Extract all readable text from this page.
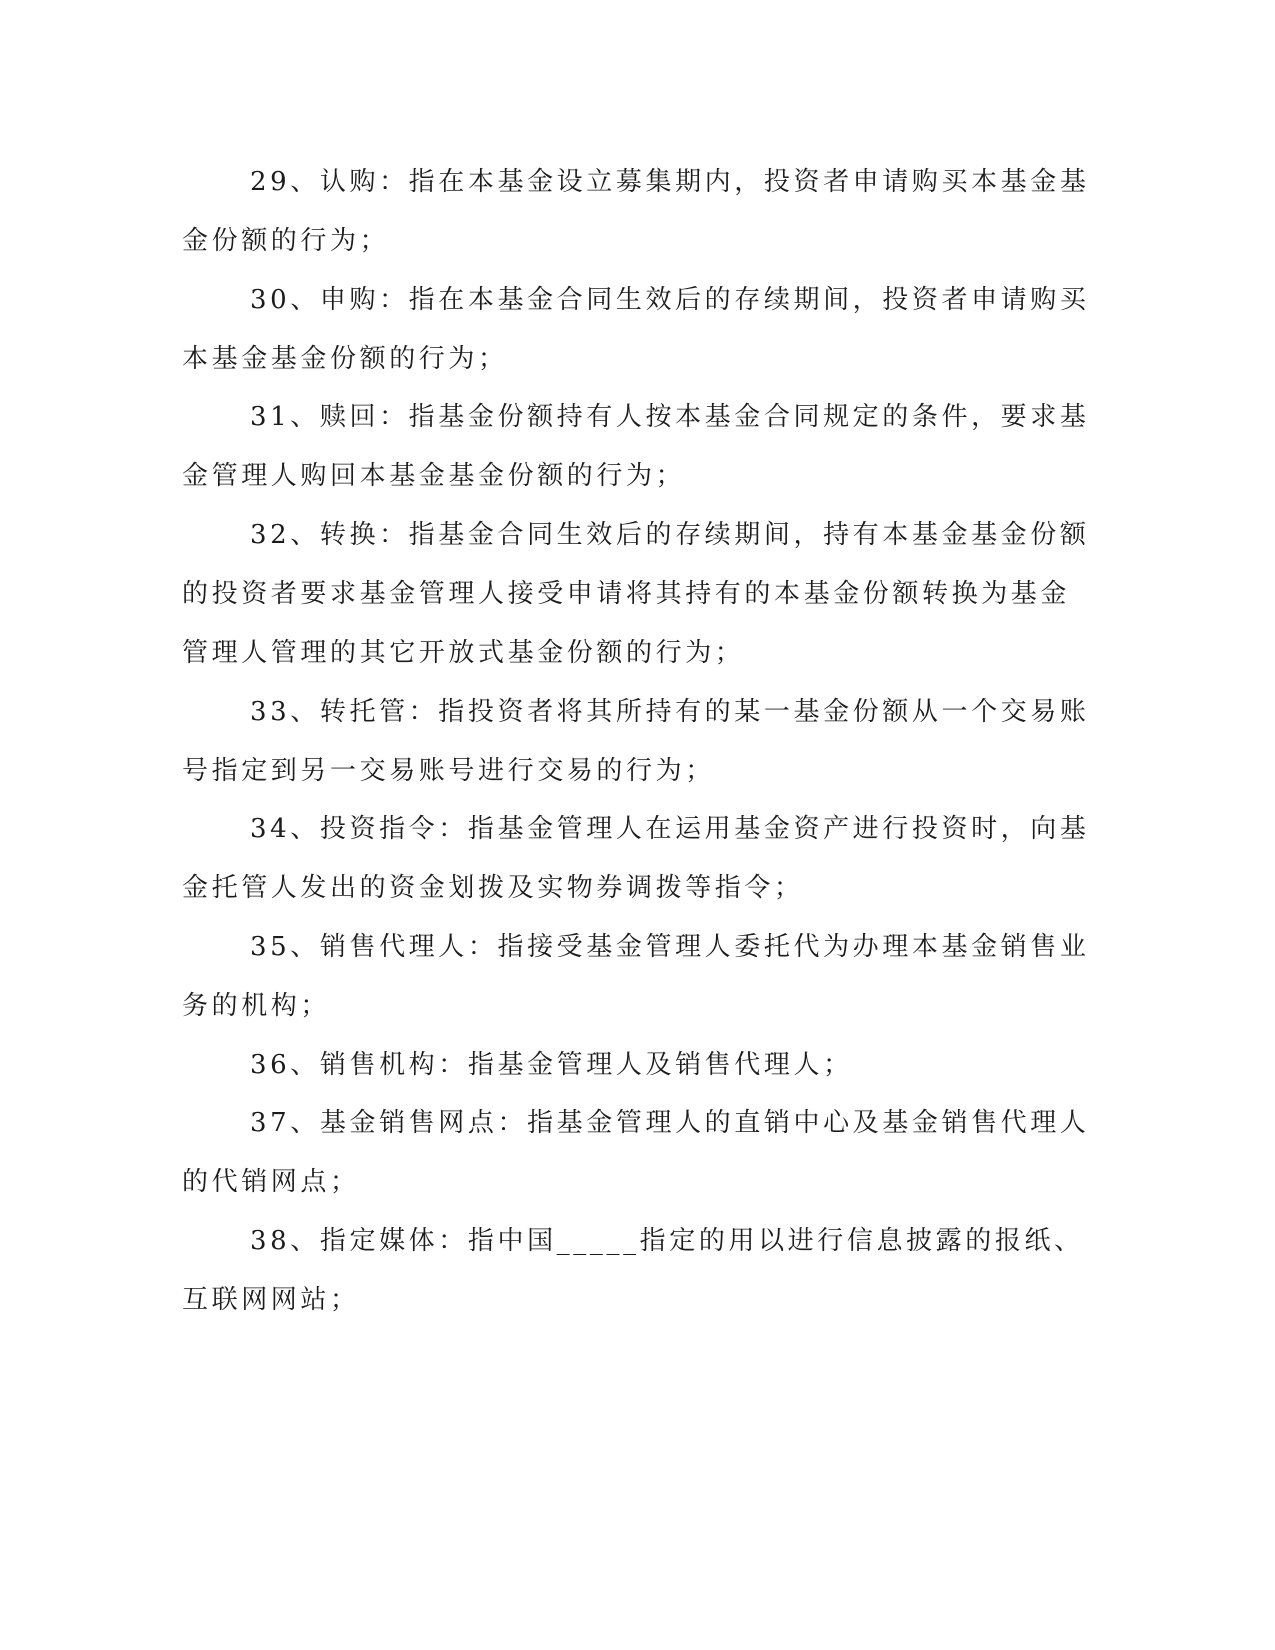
29、认购：指在本基金设立募集期内，投资者申请购买本基金基
金份额的行为；
30、申购：指在本基金合同生效后的存续期间，投资者申请购买
本基金基金份额的行为；
31、赎回：指基金份额持有人按本基金合同规定的条件，要求基
金管理人购回本基金基金份额的行为；
32、转换：指基金合同生效后的存续期间，持有本基金基金份额
的投资者要求基金管理人接受申请将其持有的本基金份额转换为基金
管理人管理的其它开放式基金份额的行为；
33、转托管：指投资者将其所持有的某一基金份额从一个交易账
号指定到另一交易账号进行交易的行为；
34、投资指令：指基金管理人在运用基金资产进行投资时，向基
金托管人发出的资金划拨及实物券调拨等指令；
35、销售代理人：指接受基金管理人委托代为办理本基金销售业
务的机构；
36、销售机构：指基金管理人及销售代理人；
37、基金销售网点：指基金管理人的直销中心及基金销售代理人
的代销网点；
38、指定媒体：指中国_____指定的用以进行信息披露的报纸、
互联网网站；
